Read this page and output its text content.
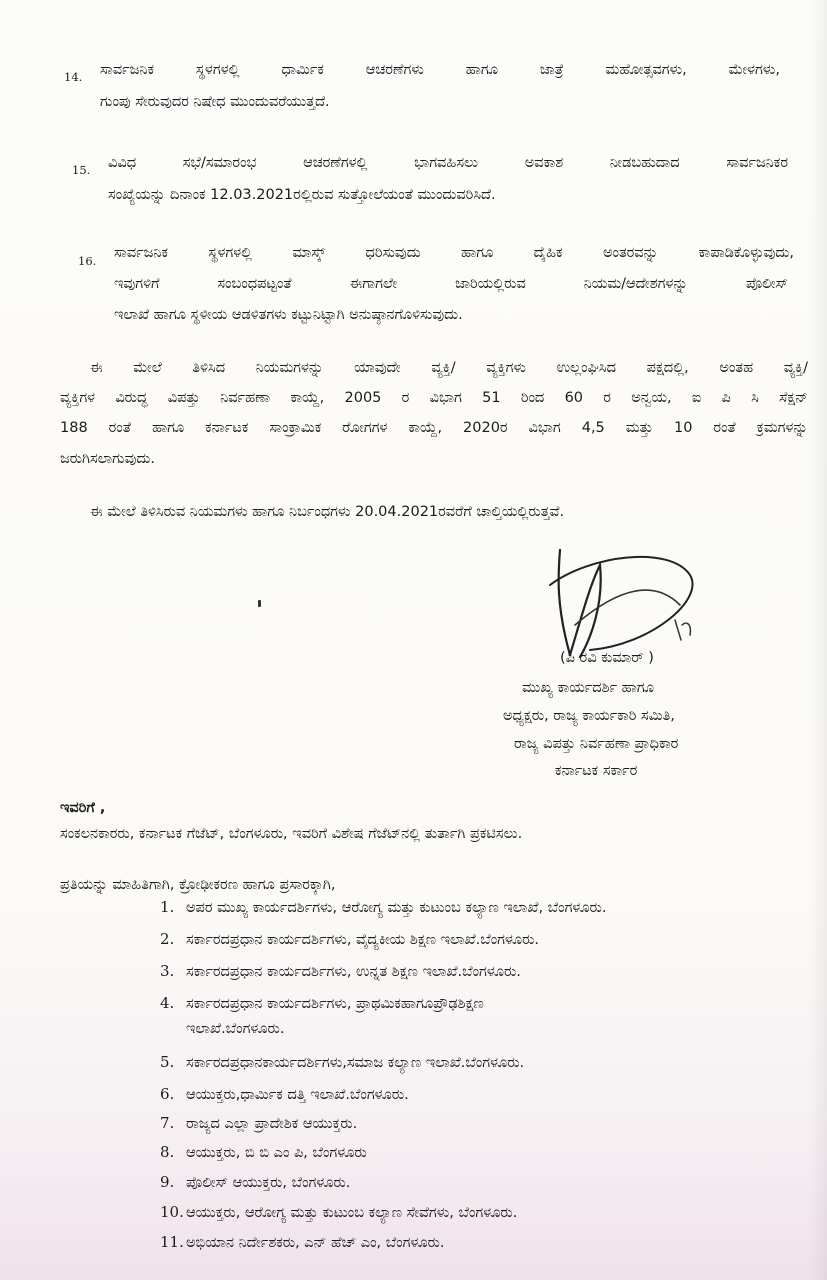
14. ಸಾರ್ವಜನಿಕ ಸ್ಥಳಗಳಲ್ಲಿ ಧಾರ್ಮಿಕ ಆಚರಣೆಗಳು ಹಾಗೂ ಜಾತ್ರೆ ಮಹೋತ್ಸವಗಳು, ಮೇಳಗಳು,
ಗುಂಪು ಸೇರುವುದರ ನಿಷೇಧ ಮುಂದುವರೆಯುತ್ತದೆ.
15. ವಿವಿಧ ಸಭೆ/ಸಮಾರಂಭ ಆಚರಣೆಗಳಲ್ಲಿ ಭಾಗವಹಿಸಲು ಅವಕಾಶ ನೀಡಬಹುದಾದ ಸಾರ್ವಜನಿಕರ
ಸಂಖ್ಯೆಯನ್ನು ದಿನಾಂಕ 12.03.2021ರಲ್ಲಿರುವ ಸುತ್ತೋಲೆಯಂತೆ ಮುಂದುವರಿಸಿದೆ.
16. ಸಾರ್ವಜನಿಕ ಸ್ಥಳಗಳಲ್ಲಿ ಮಾಸ್ಕ್ ಧರಿಸುವುದು ಹಾಗೂ ದೈಹಿಕ ಅಂತರವನ್ನು ಕಾಪಾಡಿಕೊಳ್ಳುವುದು,
ಇವುಗಳಿಗೆ ಸಂಬಂಧಪಟ್ಟಂತೆ ಈಗಾಗಲೇ ಜಾರಿಯಲ್ಲಿರುವ ನಿಯಮ/ಆದೇಶಗಳನ್ನು ಪೊಲೀಸ್
ಇಲಾಖೆ ಹಾಗೂ ಸ್ಥಳೀಯ ಆಡಳಿತಗಳು ಕಟ್ಟುನಿಟ್ಟಾಗಿ ಅನುಷ್ಠಾನಗೊಳಿಸುವುದು.
ಈ ಮೇಲೆ ತಿಳಿಸಿದ ನಿಯಮಗಳನ್ನು ಯಾವುದೇ ವ್ಯಕ್ತಿ/ ವ್ಯಕ್ತಿಗಳು ಉಲ್ಲಂಘಿಸಿದ ಪಕ್ಷದಲ್ಲಿ, ಅಂತಹ ವ್ಯಕ್ತಿ/
ವ್ಯಕ್ತಿಗಳ ವಿರುದ್ಧ ವಿಪತ್ತು ನಿರ್ವಹಣಾ ಕಾಯ್ದೆ, 2005 ರ ವಿಭಾಗ 51 ರಿಂದ 60 ರ ಅನ್ವಯ, ಐ ಪಿ ಸಿ ಸೆಕ್ಷನ್
188 ರಂತೆ ಹಾಗೂ ಕರ್ನಾಟಕ ಸಾಂಕ್ರಾಮಿಕ ರೋಗಗಳ ಕಾಯ್ದೆ, 2020ರ ವಿಭಾಗ 4,5 ಮತ್ತು 10 ರಂತೆ ಕ್ರಮಗಳನ್ನು
ಜರುಗಿಸಲಾಗುವುದು.
ಈ ಮೇಲೆ ತಿಳಿಸಿರುವ ನಿಯಮಗಳು ಹಾಗೂ ನಿರ್ಬಂಧಗಳು 20.04.2021ರವರೆಗೆ ಚಾಲ್ತಿಯಲ್ಲಿರುತ್ತವೆ.
(ಪಿ ರವಿ ಕುಮಾರ್ )
ಮುಖ್ಯ ಕಾರ್ಯದರ್ಶಿ ಹಾಗೂ
ಅಧ್ಯಕ್ಷರು, ರಾಜ್ಯ ಕಾರ್ಯಕಾರಿ ಸಮಿತಿ,
ರಾಜ್ಯ ವಿಪತ್ತು ನಿರ್ವಹಣಾ ಪ್ರಾಧಿಕಾರ
ಕರ್ನಾಟಕ ಸರ್ಕಾರ
ಇವರಿಗೆ ,
ಸಂಕಲನಕಾರರು, ಕರ್ನಾಟಕ ಗೆಜೆಟ್, ಬೆಂಗಳೂರು, ಇವರಿಗೆ ವಿಶೇಷ ಗೆಜೆಟ್‌ನಲ್ಲಿ ತುರ್ತಾಗಿ ಪ್ರಕಟಿಸಲು.
ಪ್ರತಿಯನ್ನು ಮಾಹಿತಿಗಾಗಿ, ಕ್ರೋಢೀಕರಣ ಹಾಗೂ ಪ್ರಸಾರಕ್ಕಾಗಿ,
1. ಅಪರ ಮುಖ್ಯ ಕಾರ್ಯದರ್ಶಿಗಳು, ಆರೋಗ್ಯ ಮತ್ತು ಕುಟುಂಬ ಕಲ್ಯಾಣ ಇಲಾಖೆ, ಬೆಂಗಳೂರು.
2. ಸರ್ಕಾರದಪ್ರಧಾನ ಕಾರ್ಯದರ್ಶಿಗಳು, ವೈದ್ಯಕೀಯ ಶಿಕ್ಷಣ ಇಲಾಖೆ.ಬೆಂಗಳೂರು.
3. ಸರ್ಕಾರದಪ್ರಧಾನ ಕಾರ್ಯದರ್ಶಿಗಳು, ಉನ್ನತ ಶಿಕ್ಷಣ ಇಲಾಖೆ.ಬೆಂಗಳೂರು.
4. ಸರ್ಕಾರದಪ್ರಧಾನ ಕಾರ್ಯದರ್ಶಿಗಳು, ಪ್ರಾಥಮಿಕಹಾಗೂಪ್ರೌಢಶಿಕ್ಷಣ
ಇಲಾಖೆ.ಬೆಂಗಳೂರು.
5. ಸರ್ಕಾರದಪ್ರಧಾನಕಾರ್ಯದರ್ಶಿಗಳು,ಸಮಾಜ ಕಲ್ಯಾಣ ಇಲಾಖೆ.ಬೆಂಗಳೂರು.
6. ಆಯುಕ್ತರು,ಧಾರ್ಮಿಕ ದತ್ತಿ ಇಲಾಖೆ.ಬೆಂಗಳೂರು.
7. ರಾಜ್ಯದ ಎಲ್ಲಾ ಪ್ರಾದೇಶಿಕ ಆಯುಕ್ತರು.
8. ಆಯುಕ್ತರು, ಬಿ ಬಿ ಎಂ ಪಿ, ಬೆಂಗಳೂರು
9. ಪೊಲೀಸ್ ಆಯುಕ್ತರು, ಬೆಂಗಳೂರು.
10. ಆಯುಕ್ತರು, ಆರೋಗ್ಯ ಮತ್ತು ಕುಟುಂಬ ಕಲ್ಯಾಣ ಸೇವೆಗಳು, ಬೆಂಗಳೂರು.
11. ಅಭಿಯಾನ ನಿರ್ದೇಶಕರು, ಎನ್ ಹೆಚ್ ಎಂ, ಬೆಂಗಳೂರು.
